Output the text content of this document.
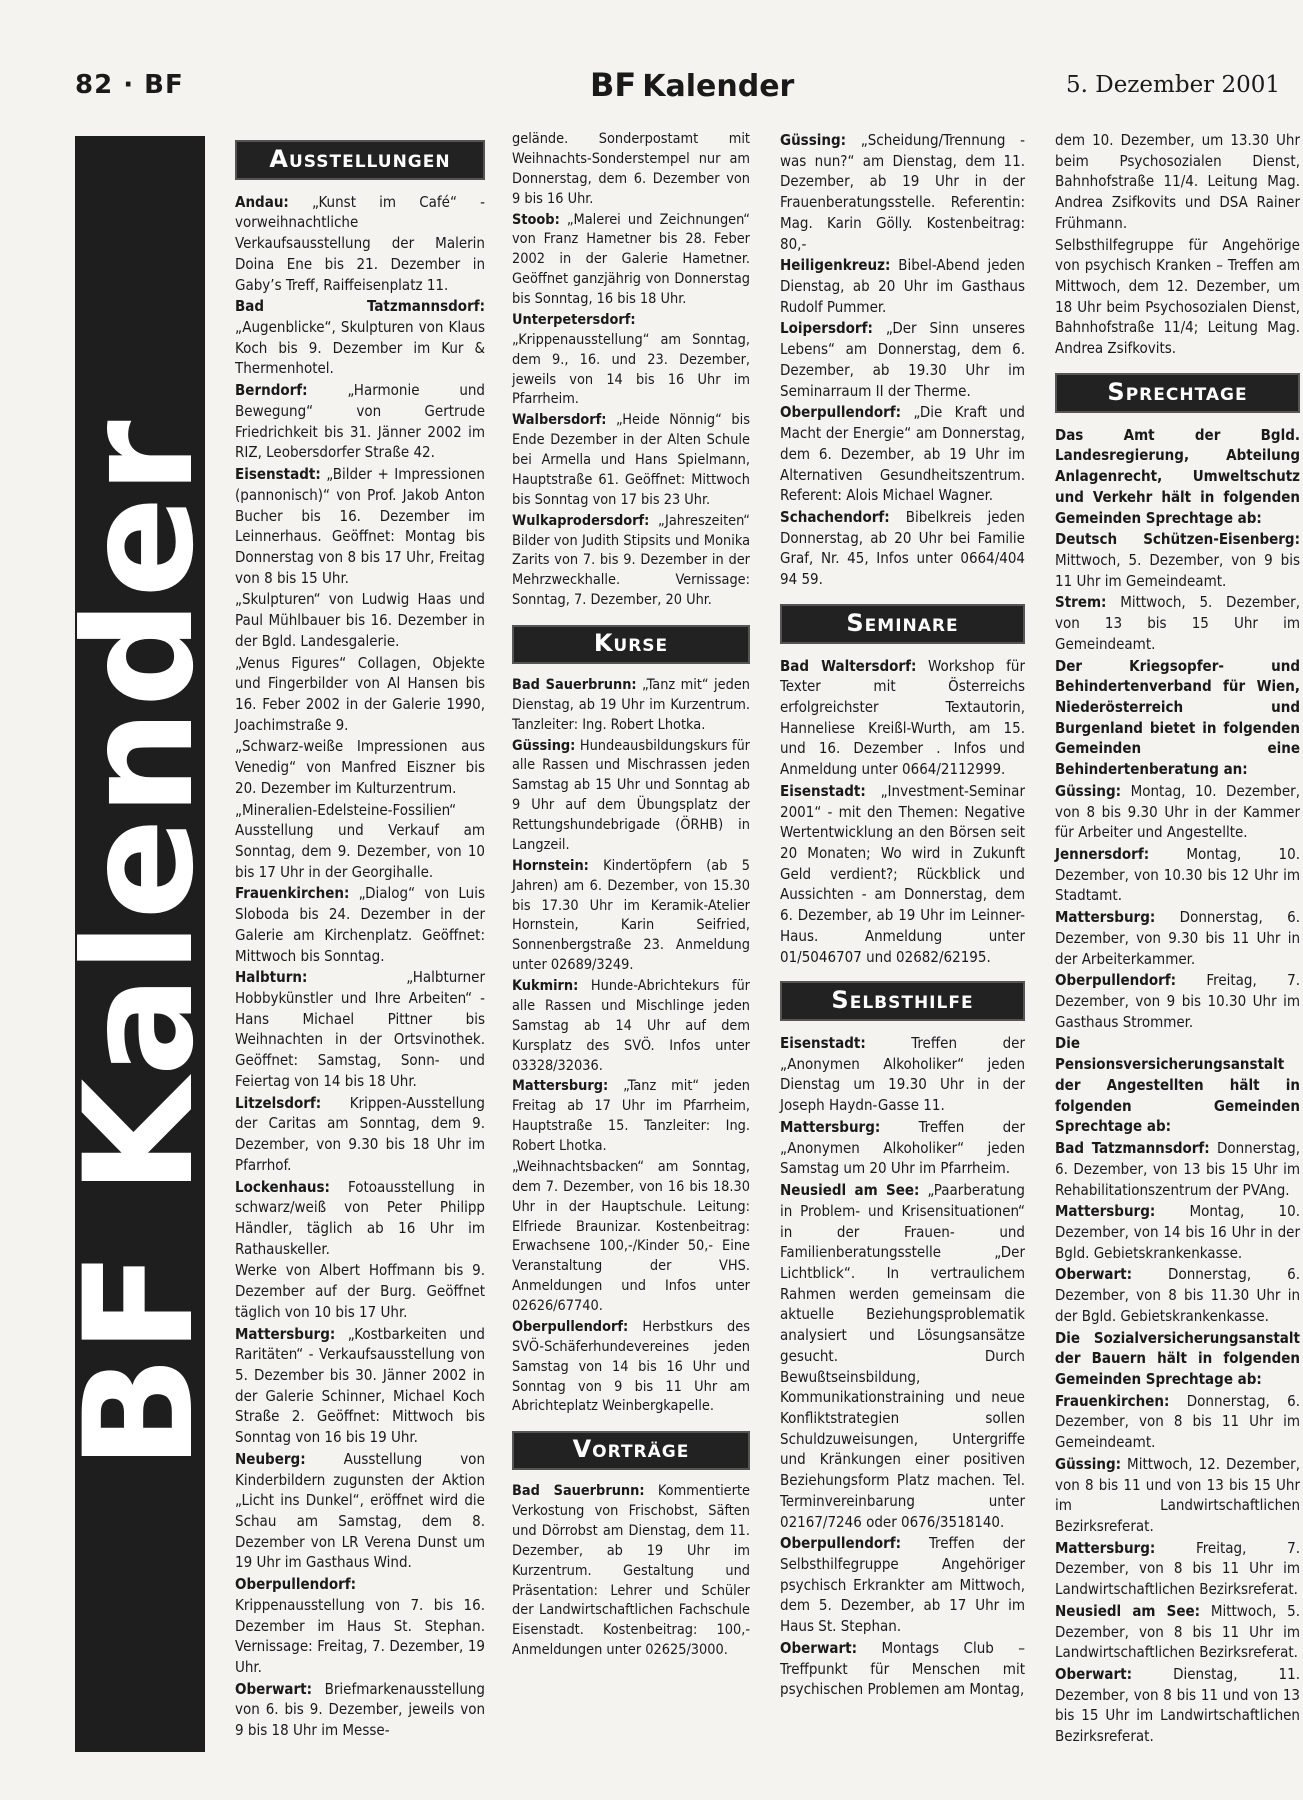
82 · BF	BF Kalender	5. Dezember 2001
BF Kalender
Ausstellungen
Andau: „Kunst im Café“ - vorweihnachtliche Verkaufsausstellung der Malerin Doina Ene bis 21. Dezember in Gaby’s Treff, Raiffeisenplatz 11.
Bad Tatzmannsdorf: „Augenblicke“, Skulpturen von Klaus Koch bis 9. Dezember im Kur & Thermenhotel.
Berndorf: „Harmonie und Bewegung“ von Gertrude Friedrichkeit bis 31. Jänner 2002 im RIZ, Leobersdorfer Straße 42.
Eisenstadt: „Bilder + Impressionen (pannonisch)“ von Prof. Jakob Anton Bucher bis 16. Dezember im Leinnerhaus. Geöffnet: Montag bis Donnerstag von 8 bis 17 Uhr, Freitag von 8 bis 15 Uhr.
„Skulpturen“ von Ludwig Haas und Paul Mühlbauer bis 16. Dezember in der Bgld. Landesgalerie.
„Venus Figures“ Collagen, Objekte und Fingerbilder von Al Hansen bis 16. Feber 2002 in der Galerie 1990, Joachimstraße 9.
„Schwarz-weiße Impressionen aus Venedig“ von Manfred Eiszner bis 20. Dezember im Kulturzentrum.
„Mineralien-Edelsteine-Fossilien“ Ausstellung und Verkauf am Sonntag, dem 9. Dezember, von 10 bis 17 Uhr in der Georgihalle.
Frauenkirchen: „Dialog“ von Luis Sloboda bis 24. Dezember in der Galerie am Kirchenplatz. Geöffnet: Mittwoch bis Sonntag.
Halbturn: „Halbturner Hobbykünstler und Ihre Arbeiten“ - Hans Michael Pittner bis Weihnachten in der Ortsvinothek. Geöffnet: Samstag, Sonn- und Feiertag von 14 bis 18 Uhr.
Litzelsdorf: Krippen-Ausstellung der Caritas am Sonntag, dem 9. Dezember, von 9.30 bis 18 Uhr im Pfarrhof.
Lockenhaus: Fotoausstellung in schwarz/weiß von Peter Philipp Händler, täglich ab 16 Uhr im Rathauskeller.
Werke von Albert Hoffmann bis 9. Dezember auf der Burg. Geöffnet täglich von 10 bis 17 Uhr.
Mattersburg: „Kostbarkeiten und Raritäten“ - Verkaufsausstellung von 5. Dezember bis 30. Jänner 2002 in der Galerie Schinner, Michael Koch Straße 2. Geöffnet: Mittwoch bis Sonntag von 16 bis 19 Uhr.
Neuberg: Ausstellung von Kinderbildern zugunsten der Aktion „Licht ins Dunkel“, eröffnet wird die Schau am Samstag, dem 8. Dezember von LR Verena Dunst um 19 Uhr im Gasthaus Wind.
Oberpullendorf: Krippenausstellung von 7. bis 16. Dezember im Haus St. Stephan. Vernissage: Freitag, 7. Dezember, 19 Uhr.
Oberwart: Briefmarkenausstellung von 6. bis 9. Dezember, jeweils von 9 bis 18 Uhr im Messe-
gelände. Sonderpostamt mit Weihnachts-Sonderstempel nur am Donnerstag, dem 6. Dezember von 9 bis 16 Uhr.
Stoob: „Malerei und Zeichnungen“ von Franz Hametner bis 28. Feber 2002 in der Galerie Hametner. Geöffnet ganzjährig von Donnerstag bis Sonntag, 16 bis 18 Uhr.
Unterpetersdorf: „Krippenausstellung“ am Sonntag, dem 9., 16. und 23. Dezember, jeweils von 14 bis 16 Uhr im Pfarrheim.
Walbersdorf: „Heide Nönnig“ bis Ende Dezember in der Alten Schule bei Armella und Hans Spielmann, Hauptstraße 61. Geöffnet: Mittwoch bis Sonntag von 17 bis 23 Uhr.
Wulkaprodersdorf: „Jahreszeiten“ Bilder von Judith Stipsits und Monika Zarits von 7. bis 9. Dezember in der Mehrzweckhalle. Vernissage: Sonntag, 7. Dezember, 20 Uhr.
Kurse
Bad Sauerbrunn: „Tanz mit“ jeden Dienstag, ab 19 Uhr im Kurzentrum. Tanzleiter: Ing. Robert Lhotka.
Güssing: Hundeausbildungskurs für alle Rassen und Mischrassen jeden Samstag ab 15 Uhr und Sonntag ab 9 Uhr auf dem Übungsplatz der Rettungshundebrigade (ÖRHB) in Langzeil.
Hornstein: Kindertöpfern (ab 5 Jahren) am 6. Dezember, von 15.30 bis 17.30 Uhr im Keramik-Atelier Hornstein, Karin Seifried, Sonnenbergstraße 23. Anmeldung unter 02689/3249.
Kukmirn: Hunde-Abrichtekurs für alle Rassen und Mischlinge jeden Samstag ab 14 Uhr auf dem Kursplatz des SVÖ. Infos unter 03328/32036.
Mattersburg: „Tanz mit“ jeden Freitag ab 17 Uhr im Pfarrheim, Hauptstraße 15. Tanzleiter: Ing. Robert Lhotka.
„Weihnachtsbacken“ am Sonntag, dem 7. Dezember, von 16 bis 18.30 Uhr in der Hauptschule. Leitung: Elfriede Braunizar. Kostenbeitrag: Erwachsene 100,-/Kinder 50,- Eine Veranstaltung der VHS. Anmeldungen und Infos unter 02626/67740.
Oberpullendorf: Herbstkurs des SVÖ-Schäferhundevereines jeden Samstag von 14 bis 16 Uhr und Sonntag von 9 bis 11 Uhr am Abrichteplatz Weinbergkapelle.
Vorträge
Bad Sauerbrunn: Kommentierte Verkostung von Frischobst, Säften und Dörrobst am Dienstag, dem 11. Dezember, ab 19 Uhr im Kurzentrum. Gestaltung und Präsentation: Lehrer und Schüler der Landwirtschaftlichen Fachschule Eisenstadt. Kostenbeitrag: 100,- Anmeldungen unter 02625/3000.
Güssing: „Scheidung/Trennung - was nun?“ am Dienstag, dem 11. Dezember, ab 19 Uhr in der Frauenberatungsstelle. Referentin: Mag. Karin Gölly. Kostenbeitrag: 80,-
Heiligenkreuz: Bibel-Abend jeden Dienstag, ab 20 Uhr im Gasthaus Rudolf Pummer.
Loipersdorf: „Der Sinn unseres Lebens“ am Donnerstag, dem 6. Dezember, ab 19.30 Uhr im Seminarraum II der Therme.
Oberpullendorf: „Die Kraft und Macht der Energie“ am Donnerstag, dem 6. Dezember, ab 19 Uhr im Alternativen Gesundheitszentrum. Referent: Alois Michael Wagner.
Schachendorf: Bibelkreis jeden Donnerstag, ab 20 Uhr bei Familie Graf, Nr. 45, Infos unter 0664/404 94 59.
Seminare
Bad Waltersdorf: Workshop für Texter mit Österreichs erfolgreichster Textautorin, Hanneliese Kreißl-Wurth, am 15. und 16. Dezember . Infos und Anmeldung unter 0664/2112999.
Eisenstadt: „Investment-Seminar 2001“ - mit den Themen: Negative Wertentwicklung an den Börsen seit 20 Monaten; Wo wird in Zukunft Geld verdient?; Rückblick und Aussichten - am Donnerstag, dem 6. Dezember, ab 19 Uhr im Leinner-Haus. Anmeldung unter 01/5046707 und 02682/62195.
Selbsthilfe
Eisenstadt: Treffen der „Anonymen Alkoholiker“ jeden Dienstag um 19.30 Uhr in der Joseph Haydn-Gasse 11.
Mattersburg: Treffen der „Anonymen Alkoholiker“ jeden Samstag um 20 Uhr im Pfarrheim.
Neusiedl am See: „Paarberatung in Problem- und Krisensituationen“ in der Frauen- und Familienberatungsstelle „Der Lichtblick“. In vertraulichem Rahmen werden gemeinsam die aktuelle Beziehungsproblematik analysiert und Lösungsansätze gesucht. Durch Bewußtseinsbildung, Kommunikationstraining und neue Konfliktstrategien sollen Schuldzuweisungen, Untergriffe und Kränkungen einer positiven Beziehungsform Platz machen. Tel. Terminvereinbarung unter 02167/7246 oder 0676/3518140.
Oberpullendorf: Treffen der Selbsthilfegruppe Angehöriger psychisch Erkrankter am Mittwoch, dem 5. Dezember, ab 17 Uhr im Haus St. Stephan.
Oberwart: Montags Club – Treffpunkt für Menschen mit psychischen Problemen am Montag,
dem 10. Dezember, um 13.30 Uhr beim Psychosozialen Dienst, Bahnhofstraße 11/4. Leitung Mag. Andrea Zsifkovits und DSA Rainer Frühmann.
Selbsthilfegruppe für Angehörige von psychisch Kranken – Treffen am Mittwoch, dem 12. Dezember, um 18 Uhr beim Psychosozialen Dienst, Bahnhofstraße 11/4; Leitung Mag. Andrea Zsifkovits.
Sprechtage
Das Amt der Bgld. Landesregierung, Abteilung Anlagenrecht, Umweltschutz und Verkehr hält in folgenden Gemeinden Sprechtage ab:
Deutsch Schützen-Eisenberg: Mittwoch, 5. Dezember, von 9 bis 11 Uhr im Gemeindeamt.
Strem: Mittwoch, 5. Dezember, von 13 bis 15 Uhr im Gemeindeamt.
Der Kriegsopfer- und Behindertenverband für Wien, Niederösterreich und Burgenland bietet in folgenden Gemeinden eine Behindertenberatung an:
Güssing: Montag, 10. Dezember, von 8 bis 9.30 Uhr in der Kammer für Arbeiter und Angestellte.
Jennersdorf: Montag, 10. Dezember, von 10.30 bis 12 Uhr im Stadtamt.
Mattersburg: Donnerstag, 6. Dezember, von 9.30 bis 11 Uhr in der Arbeiterkammer.
Oberpullendorf: Freitag, 7. Dezember, von 9 bis 10.30 Uhr im Gasthaus Strommer.
Die Pensionsversicherungsanstalt der Angestellten hält in folgenden Gemeinden Sprechtage ab:
Bad Tatzmannsdorf: Donnerstag, 6. Dezember, von 13 bis 15 Uhr im Rehabilitationszentrum der PVAng.
Mattersburg: Montag, 10. Dezember, von 14 bis 16 Uhr in der Bgld. Gebietskrankenkasse.
Oberwart: Donnerstag, 6. Dezember, von 8 bis 11.30 Uhr in der Bgld. Gebietskrankenkasse.
Die Sozialversicherungsanstalt der Bauern hält in folgenden Gemeinden Sprechtage ab:
Frauenkirchen: Donnerstag, 6. Dezember, von 8 bis 11 Uhr im Gemeindeamt.
Güssing: Mittwoch, 12. Dezember, von 8 bis 11 und von 13 bis 15 Uhr im Landwirtschaftlichen Bezirksreferat.
Mattersburg: Freitag, 7. Dezember, von 8 bis 11 Uhr im Landwirtschaftlichen Bezirksreferat.
Neusiedl am See: Mittwoch, 5. Dezember, von 8 bis 11 Uhr im Landwirtschaftlichen Bezirksreferat.
Oberwart: Dienstag, 11. Dezember, von 8 bis 11 und von 13 bis 15 Uhr im Landwirtschaftlichen Bezirksreferat.
